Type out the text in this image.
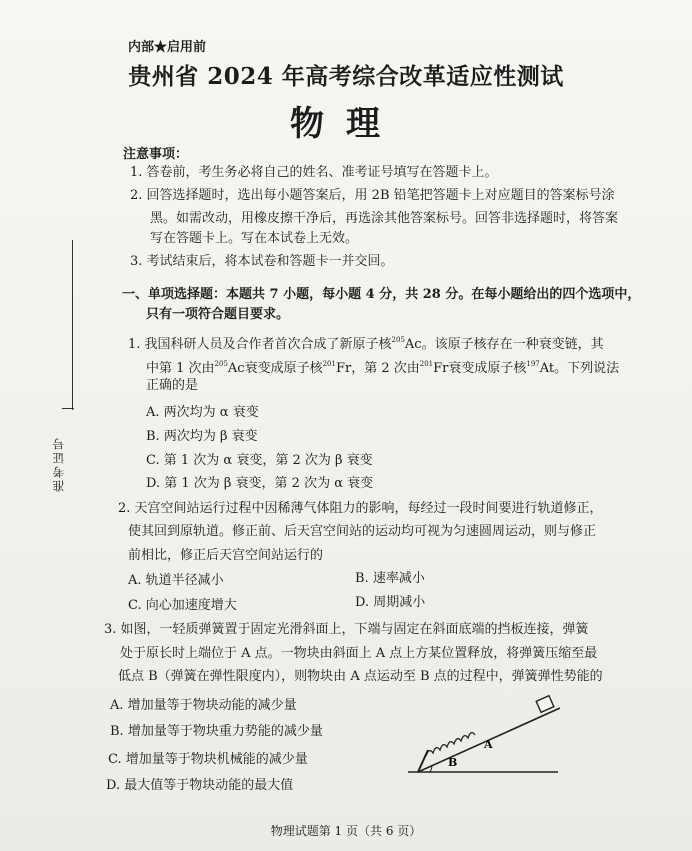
内部★启用前
贵州省 2024 年高考综合改革适应性测试
物理
注意事项：
1. 答卷前，考生务必将自己的姓名、准考证号填写在答题卡上。
2. 回答选择题时，选出每小题答案后，用 2B 铅笔把答题卡上对应题目的答案标号涂
黑。如需改动，用橡皮擦干净后，再选涂其他答案标号。回答非选择题时，将答案
写在答题卡上。写在本试卷上无效。
3. 考试结束后，将本试卷和答题卡一并交回。
一、单项选择题：本题共 7 小题，每小题 4 分，共 28 分。在每小题给出的四个选项中，
只有一项符合题目要求。
1. 我国科研人员及合作者首次合成了新原子核$^{205}$Ac。该原子核存在一种衰变链，其
中第 1 次由$^{205}$Ac衰变成原子核$^{201}$Fr，第 2 次由$^{201}$Fr衰变成原子核$^{197}$At。下列说法
正确的是
A. 两次均为 α 衰变
B. 两次均为 β 衰变
C. 第 1 次为 α 衰变，第 2 次为 β 衰变
D. 第 1 次为 β 衰变，第 2 次为 α 衰变
2. 天宫空间站运行过程中因稀薄气体阻力的影响，每经过一段时间要进行轨道修正，
使其回到原轨道。修正前、后天宫空间站的运动均可视为匀速圆周运动，则与修正
前相比，修正后天宫空间站运行的
A. 轨道半径减小	B. 速率减小
C. 向心加速度增大	D. 周期减小
3. 如图，一轻质弹簧置于固定光滑斜面上，下端与固定在斜面底端的挡板连接，弹簧
处于原长时上端位于 A 点。一物块由斜面上 A 点上方某位置释放，将弹簧压缩至最
低点 B（弹簧在弹性限度内），则物块由 A 点运动至 B 点的过程中，弹簧弹性势能的
A. 增加量等于物块动能的减少量
B. 增加量等于物块重力势能的减少量
C. 增加量等于物块机械能的减少量
D. 最大值等于物块动能的最大值
A
B
准考证号
物理试题第 1 页（共 6 页）
